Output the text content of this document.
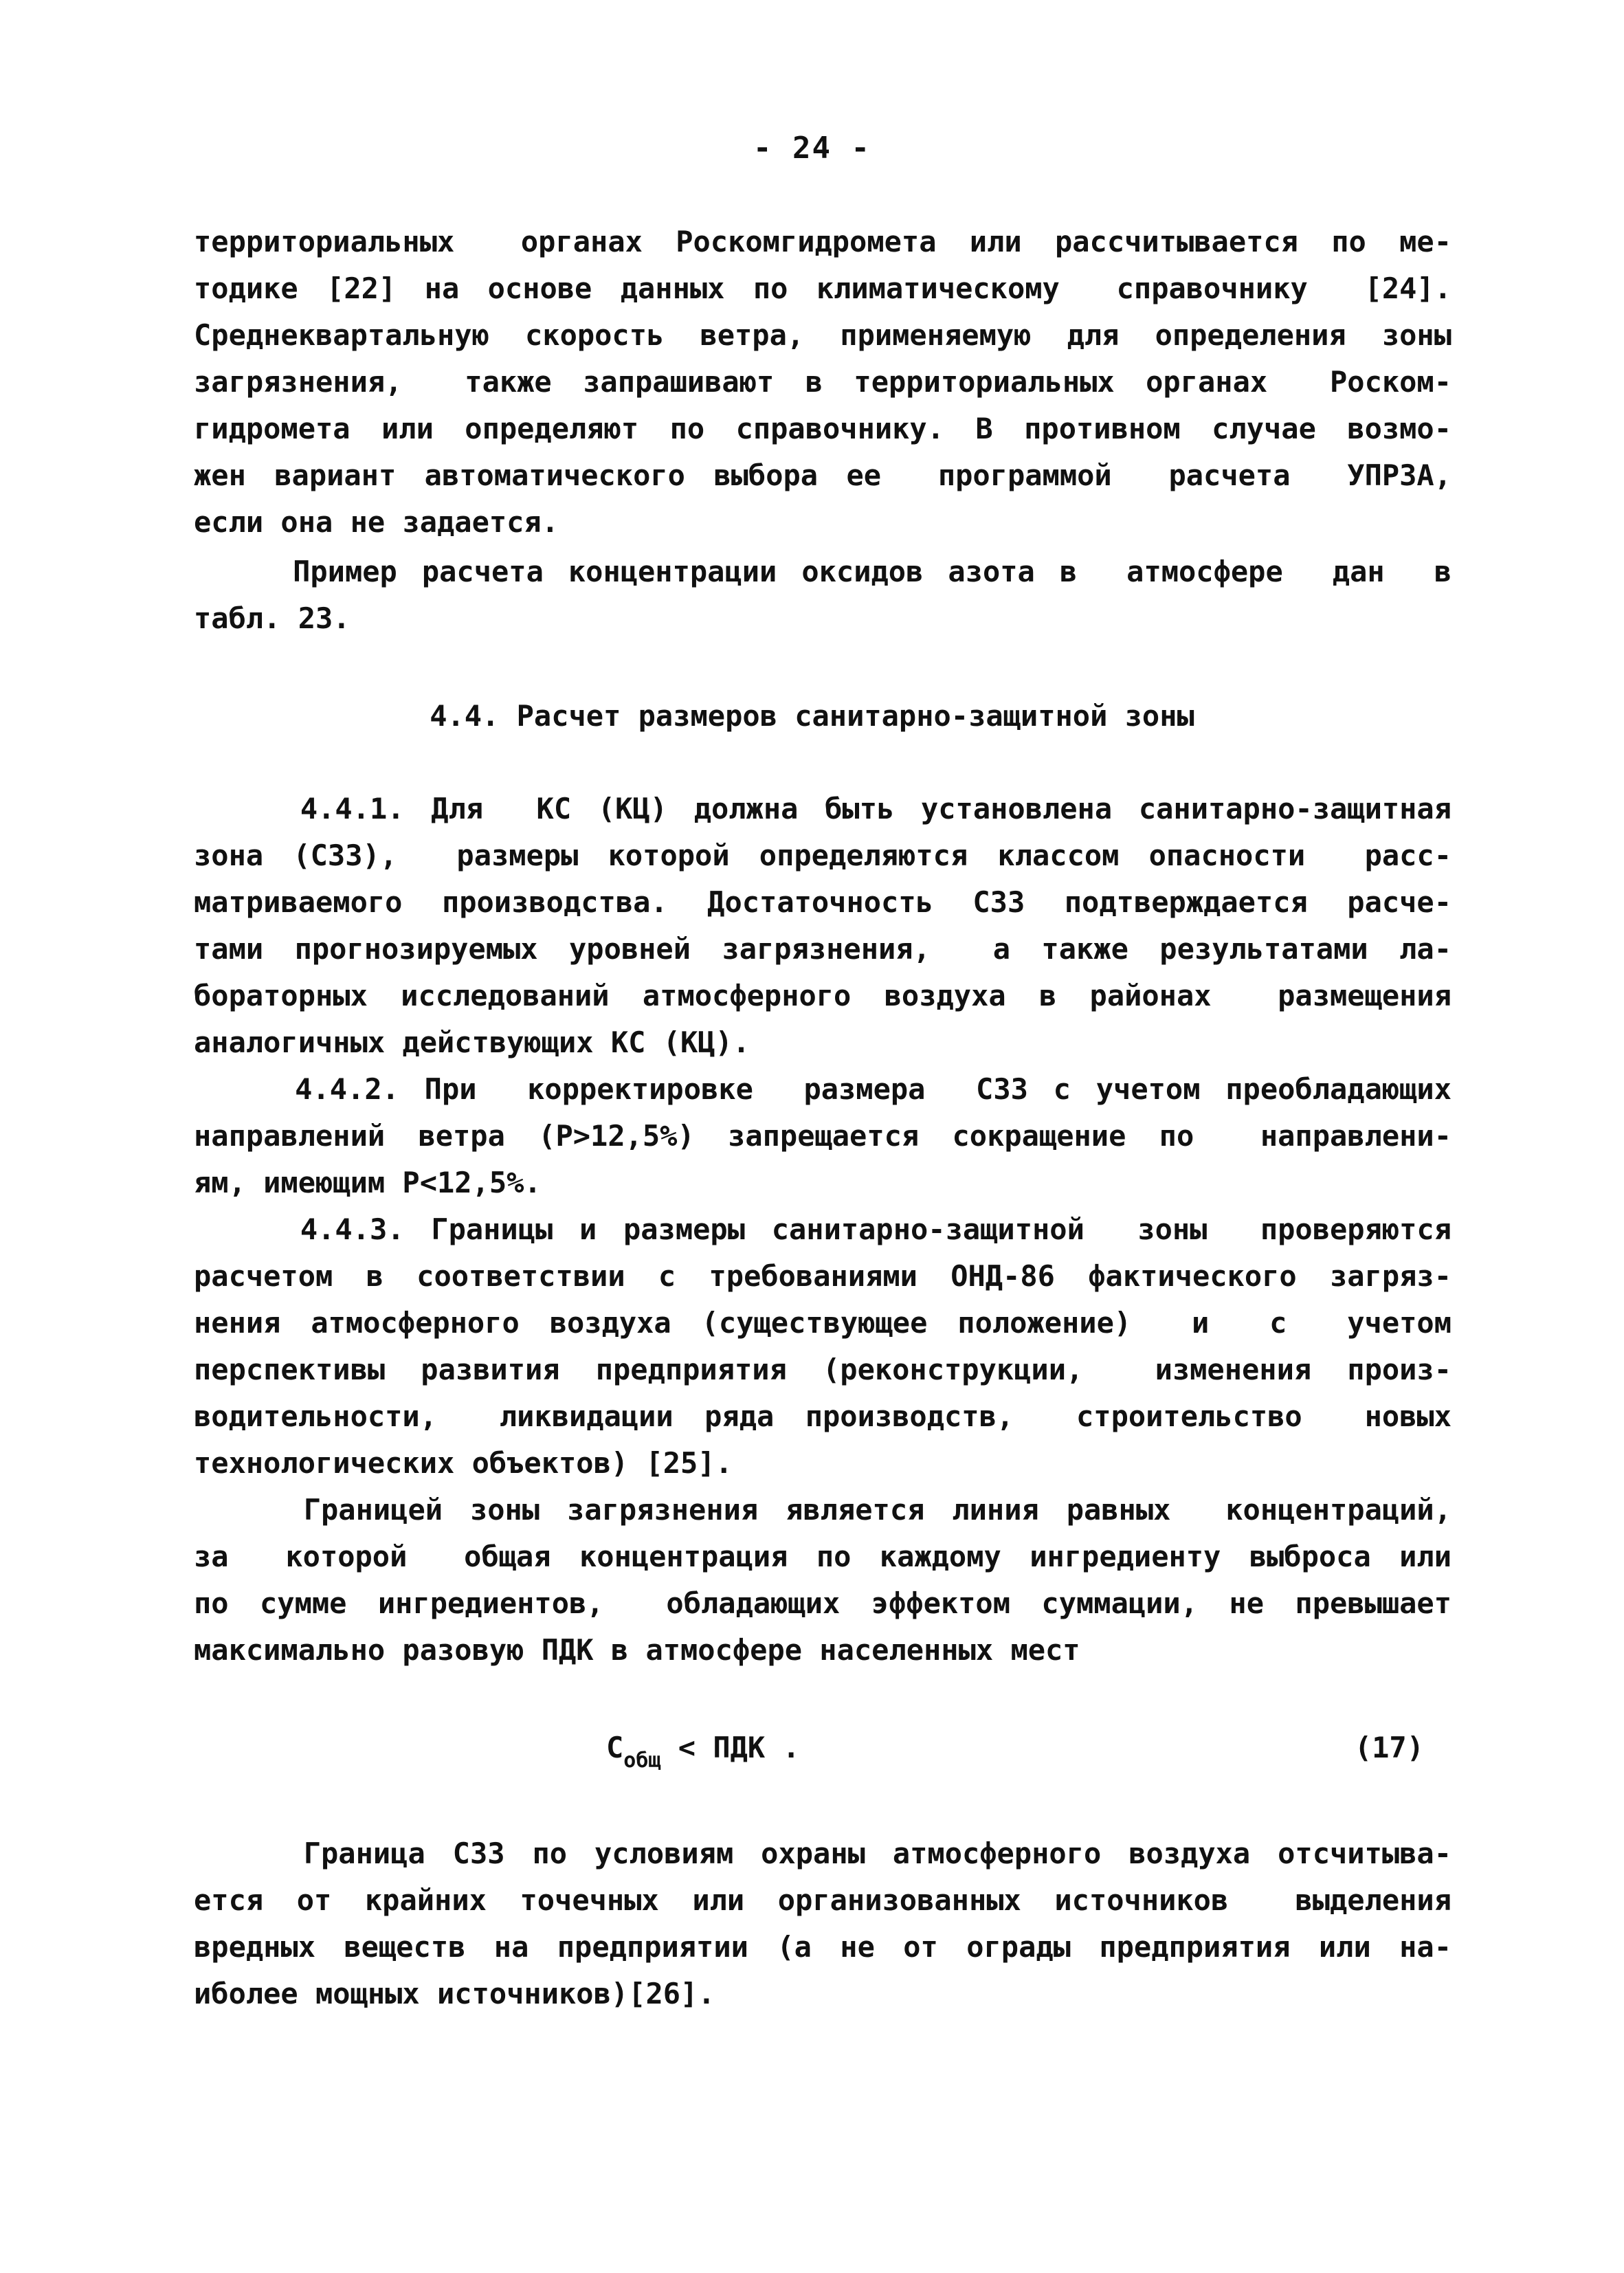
- 24 -
территориальных  органах Роскомгидромета или рассчитывается по ме-
тодике [22] на основе данных по климатическому  справочнику  [24].
Среднеквартальную скорость ветра, применяемую для определения зоны
загрязнения,  также запрашивают в территориальных органах  Роском-
гидромета или определяют по справочнику. В противном случае возмо-
жен вариант автоматического выбора ее  программой  расчета  УПРЗА,
если она не задается.
Пример расчета концентрации оксидов азота в  атмосфере  дан  в
табл. 23.
4.4. Расчет размеров санитарно-защитной зоны
4.4.1. Для  КС (КЦ) должна быть установлена санитарно-защитная
зона (СЗЗ),  размеры которой определяются классом опасности  расс-
матриваемого производства. Достаточность СЗЗ подтверждается расче-
тами прогнозируемых уровней загрязнения,  а также результатами ла-
бораторных исследований атмосферного воздуха в районах  размещения
аналогичных действующих КС (КЦ).
4.4.2. При  корректировке  размера  СЗЗ с учетом преобладающих
направлений ветра (Р>12,5%) запрещается сокращение по  направлени-
ям, имеющим Р<12,5%.
4.4.3. Границы и размеры санитарно-защитной  зоны  проверяются
расчетом в соответствии с требованиями ОНД-86 фактического загряз-
нения атмосферного воздуха (существующее положение)  и  с  учетом
перспективы развития предприятия (реконструкции,  изменения произ-
водительности,  ликвидации ряда производств,  строительство  новых
технологических объектов) [25].
Границей зоны загрязнения является линия равных  концентраций,
за  которой  общая концентрация по каждому ингредиенту выброса или
по сумме ингредиентов,  обладающих эффектом суммации, не превышает
максимально разовую ПДК в атмосфере населенных мест
$С_{общ}$ < ПДК .	(17)
Граница СЗЗ по условиям охраны атмосферного воздуха отсчитыва-
ется от крайних точечных или организованных источников  выделения
вредных веществ на предприятии (а не от ограды предприятия или на-
иболее мощных источников)[26].
